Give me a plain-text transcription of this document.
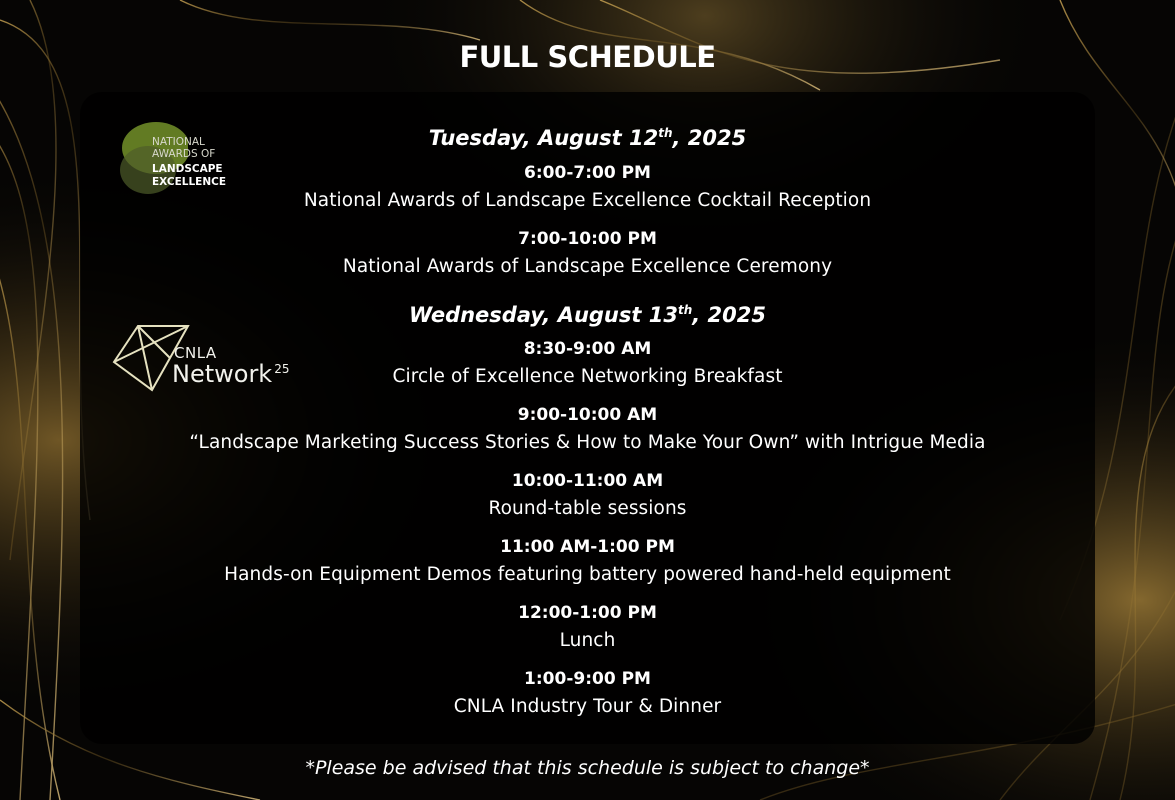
FULL SCHEDULE
NATIONAL
AWARDS OF
LANDSCAPE
EXCELLENCE
CNLA
Network $^{25}$
Tuesday, August 12th, 2025
6:00-7:00 PM
National Awards of Landscape Excellence Cocktail Reception
7:00-10:00 PM
National Awards of Landscape Excellence Ceremony
Wednesday, August 13th, 2025
8:30-9:00 AM
Circle of Excellence Networking Breakfast
9:00-10:00 AM
“Landscape Marketing Success Stories & How to Make Your Own” with Intrigue Media
10:00-11:00 AM
Round-table sessions
11:00 AM-1:00 PM
Hands-on Equipment Demos featuring battery powered hand-held equipment
12:00-1:00 PM
Lunch
1:00-9:00 PM
CNLA Industry Tour & Dinner
*Please be advised that this schedule is subject to change*
